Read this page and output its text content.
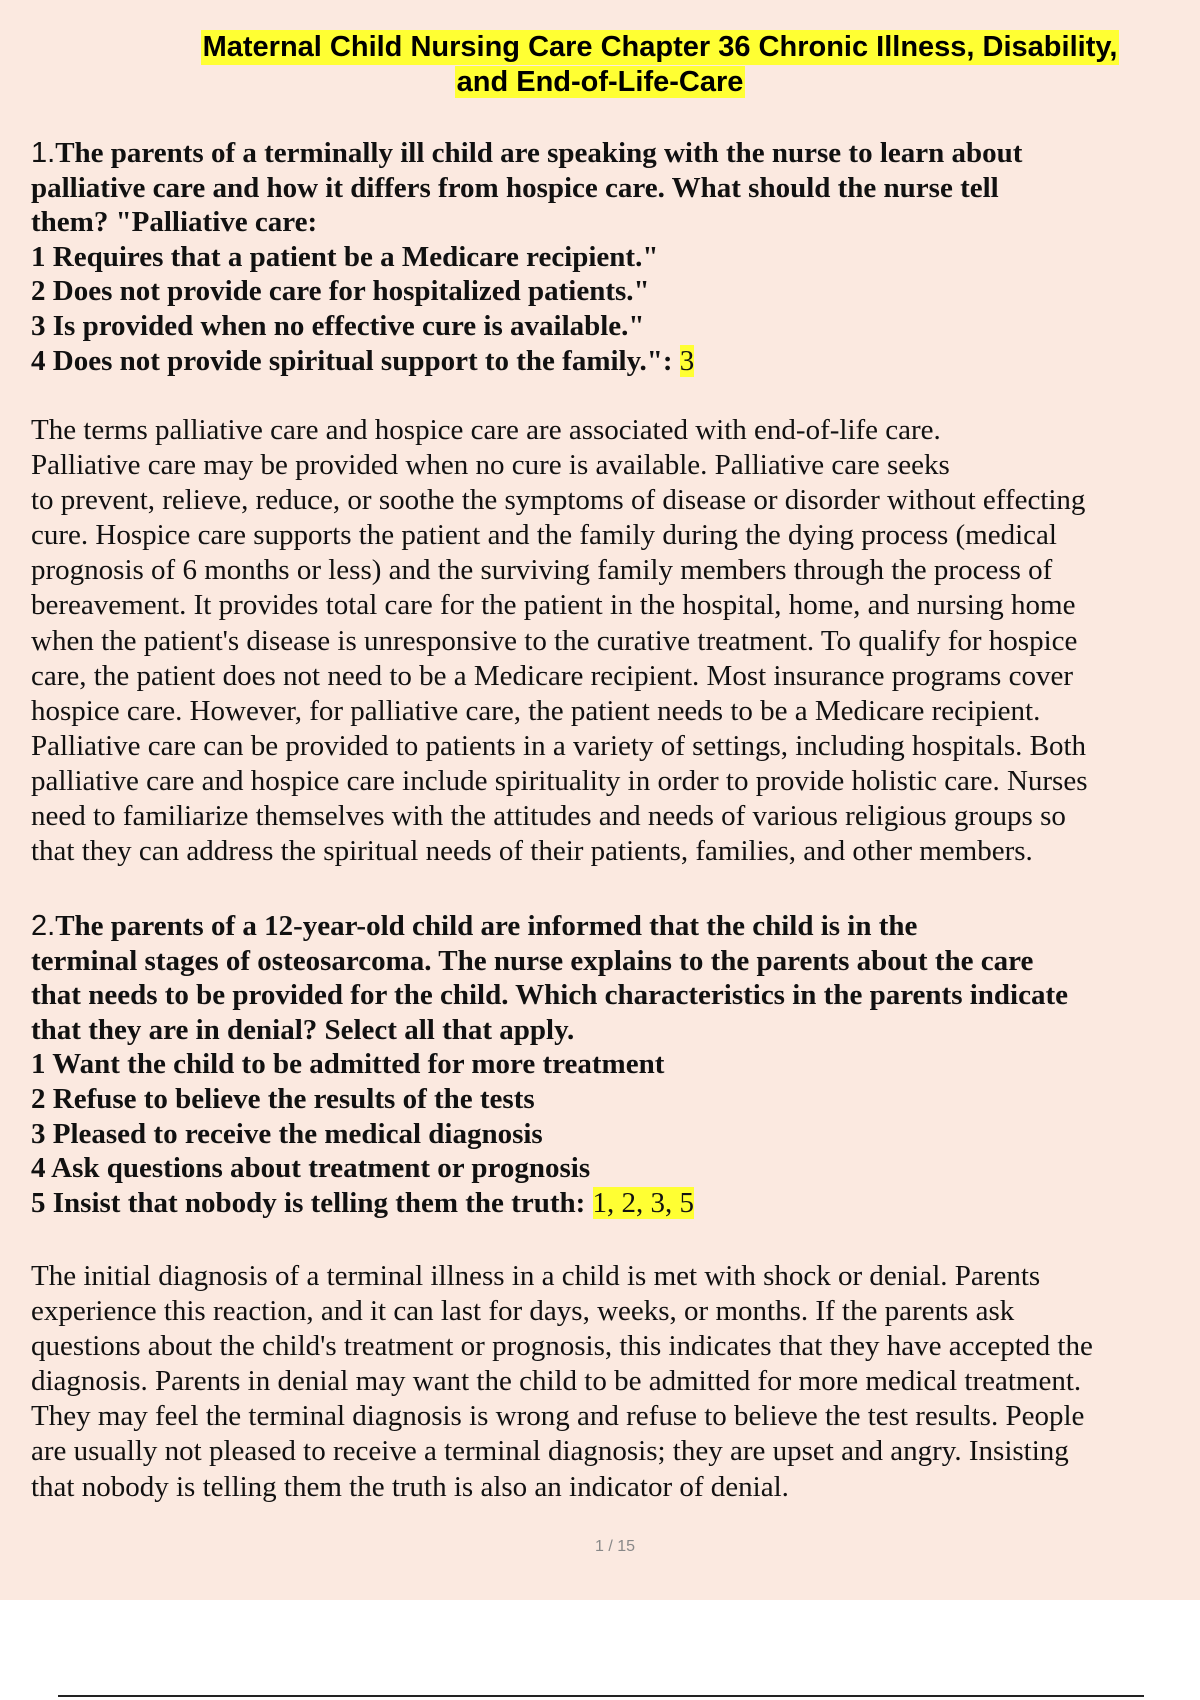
Maternal Child Nursing Care Chapter 36 Chronic Illness, Disability,
and End-of-Life-Care
1.The parents of a terminally ill child are speaking with the nurse to learn about
palliative care and how it differs from hospice care. What should the nurse tell
them? "Palliative care:
1 Requires that a patient be a Medicare recipient."
2 Does not provide care for hospitalized patients."
3 Is provided when no effective cure is available."
4 Does not provide spiritual support to the family.": 3
The terms palliative care and hospice care are associated with end-of-life care.
Palliative care may be provided when no cure is available. Palliative care seeks
to prevent, relieve, reduce, or soothe the symptoms of disease or disorder without effecting
cure. Hospice care supports the patient and the family during the dying process (medical
prognosis of 6 months or less) and the surviving family members through the process of
bereavement. It provides total care for the patient in the hospital, home, and nursing home
when the patient's disease is unresponsive to the curative treatment. To qualify for hospice
care, the patient does not need to be a Medicare recipient. Most insurance programs cover
hospice care. However, for palliative care, the patient needs to be a Medicare recipient.
Palliative care can be provided to patients in a variety of settings, including hospitals. Both
palliative care and hospice care include spirituality in order to provide holistic care. Nurses
need to familiarize themselves with the attitudes and needs of various religious groups so
that they can address the spiritual needs of their patients, families, and other members.
2.The parents of a 12-year-old child are informed that the child is in the
terminal stages of osteosarcoma. The nurse explains to the parents about the care
that needs to be provided for the child. Which characteristics in the parents indicate
that they are in denial? Select all that apply.
1 Want the child to be admitted for more treatment
2 Refuse to believe the results of the tests
3 Pleased to receive the medical diagnosis
4 Ask questions about treatment or prognosis
5 Insist that nobody is telling them the truth: 1, 2, 3, 5
The initial diagnosis of a terminal illness in a child is met with shock or denial. Parents
experience this reaction, and it can last for days, weeks, or months. If the parents ask
questions about the child's treatment or prognosis, this indicates that they have accepted the
diagnosis. Parents in denial may want the child to be admitted for more medical treatment.
They may feel the terminal diagnosis is wrong and refuse to believe the test results. People
are usually not pleased to receive a terminal diagnosis; they are upset and angry. Insisting
that nobody is telling them the truth is also an indicator of denial.
1 / 15
